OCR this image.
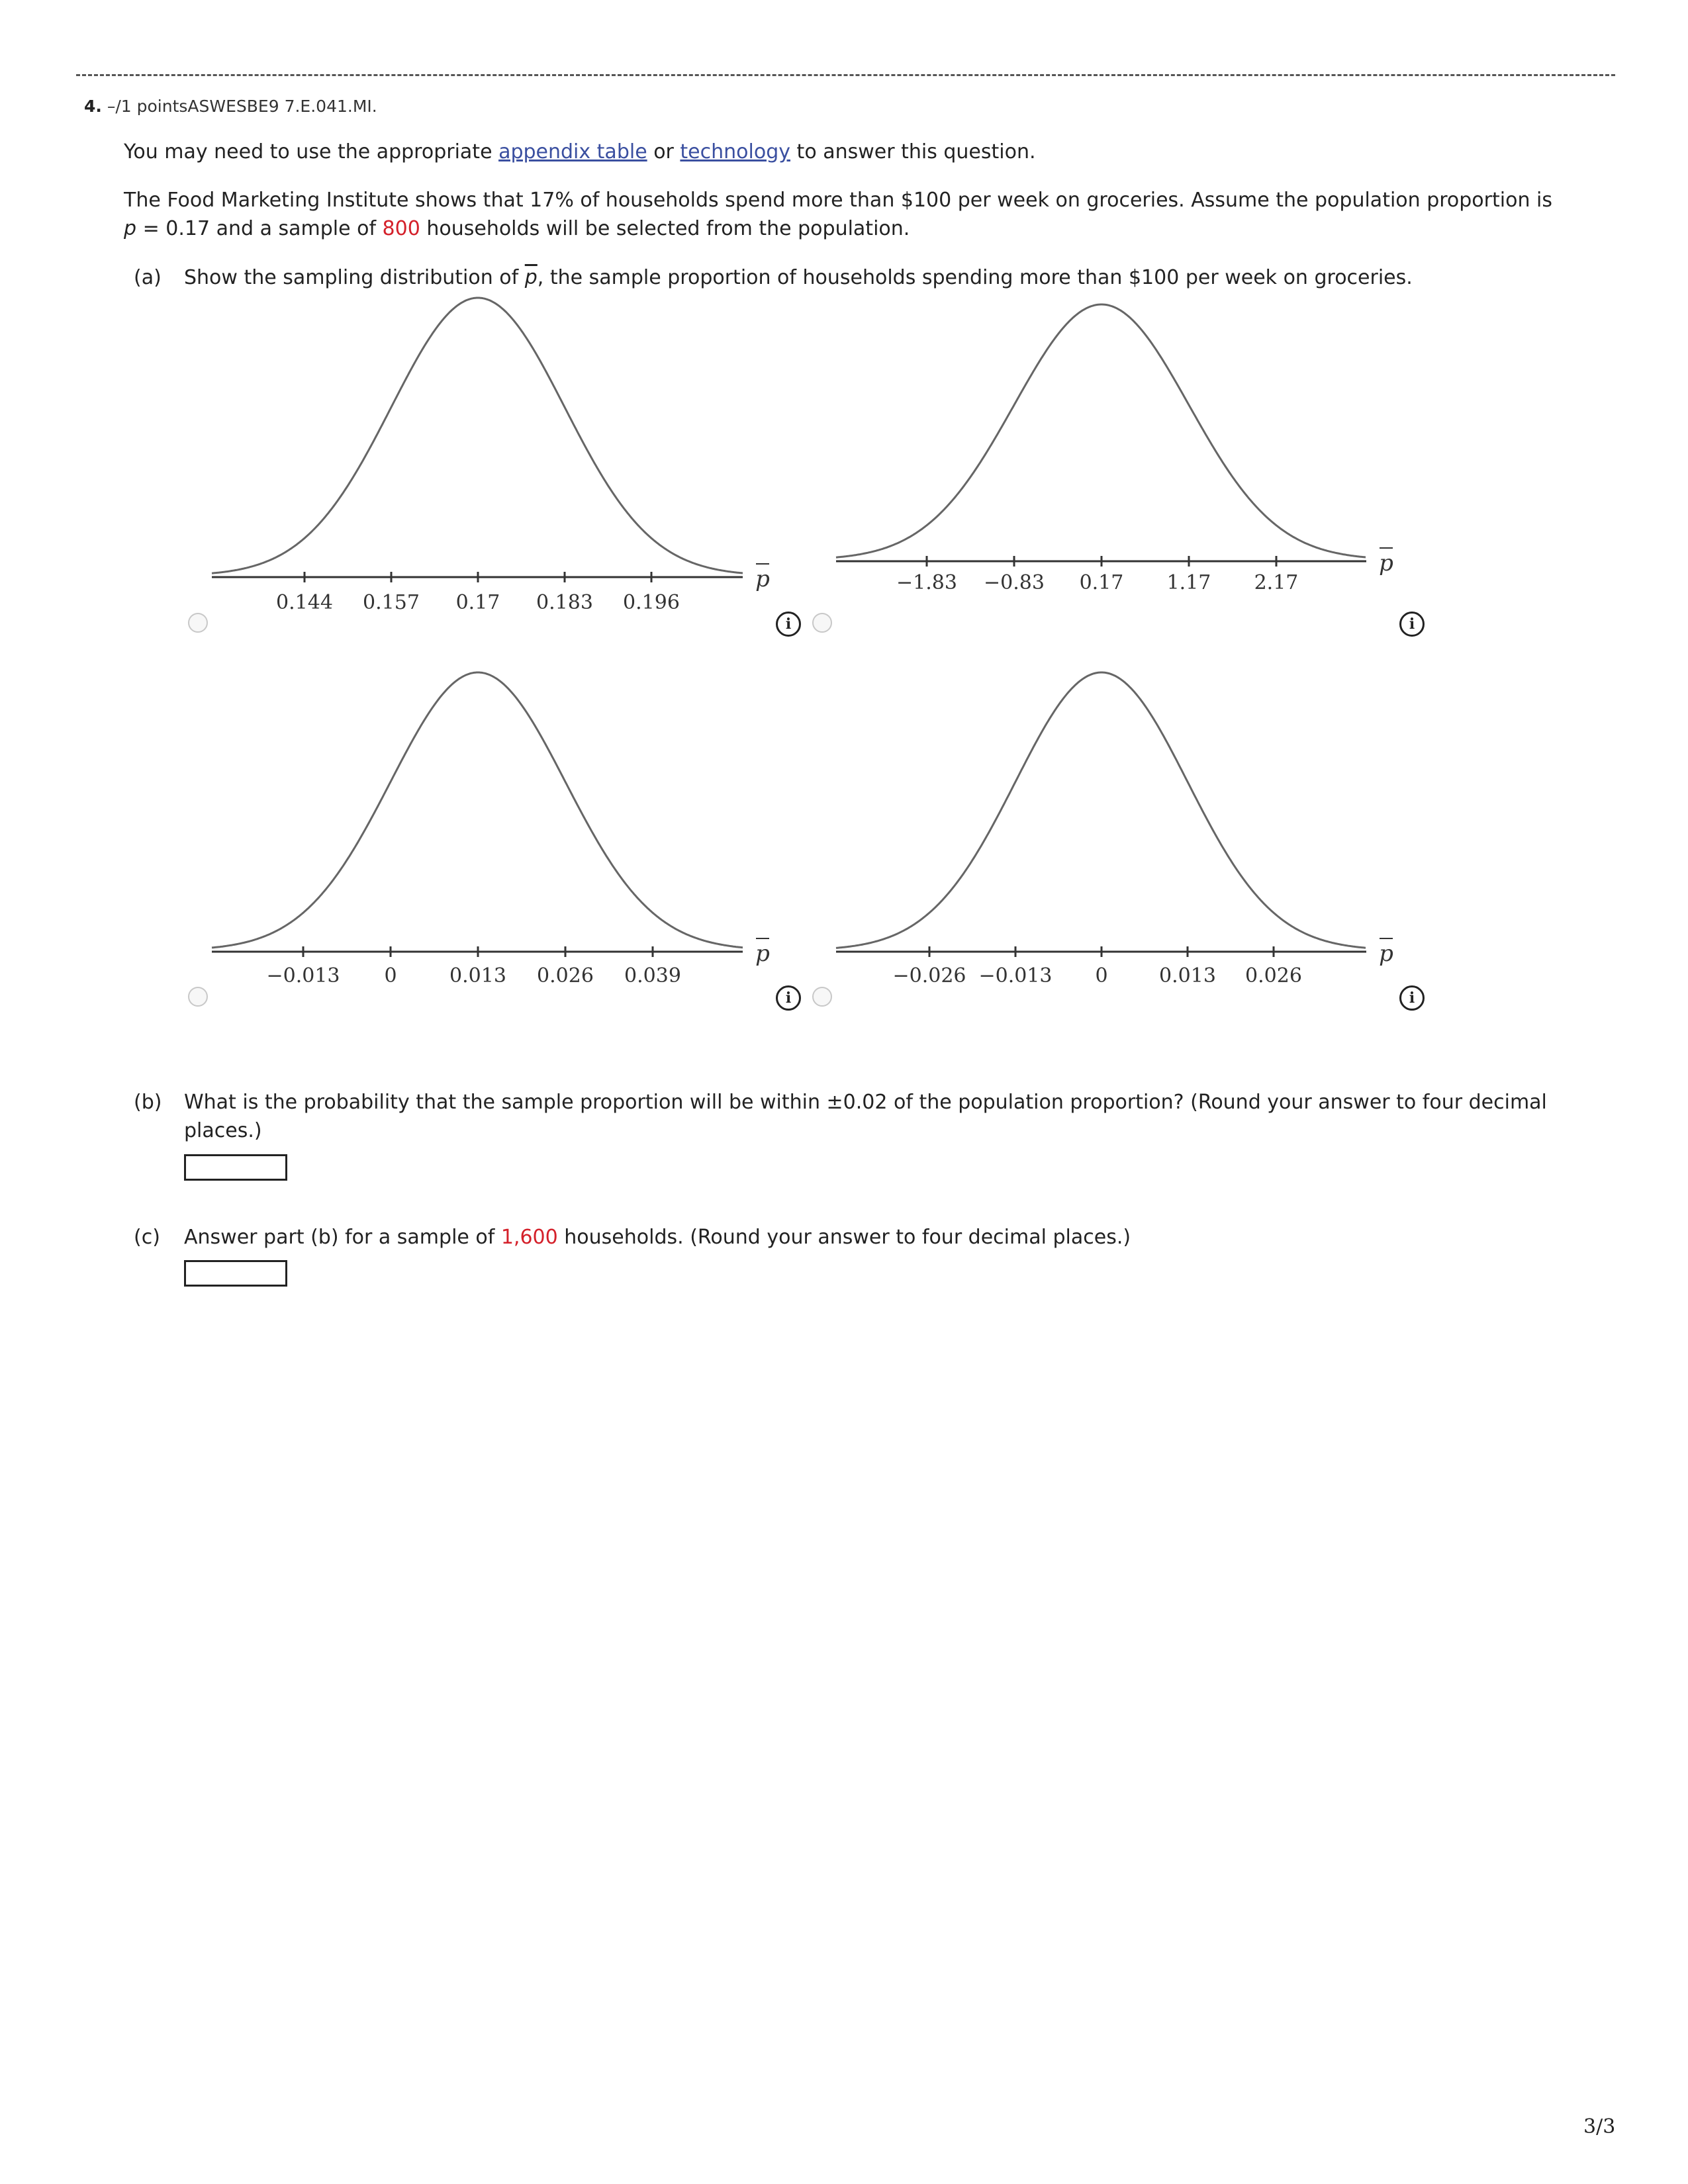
4. –/1 pointsASWESBE9 7.E.041.MI.
You may need to use the appropriate appendix table or technology to answer this question.
The Food Marketing Institute shows that 17% of households spend more than $100 per week on groceries. Assume the population proportion is
p = 0.17 and a sample of 800 households will be selected from the population.
(a) Show the sampling distribution of $\overline{p}$, the sample proportion of households spending more than $100 per week on groceries.
0.144 0.157 0.17 0.183 0.196
p	−1.83 −0.83 0.17 1.17 2.17
p
−0.013 0	0.013 0.026 0.039
p
−0.026 −0.013 0	0.013 0.026
p
i	i
i	i
(b) What is the probability that the sample proportion will be within ±0.02 of the population proportion? (Round your answer to four decimal
places.)
(c) Answer part (b) for a sample of 1,600 households. (Round your answer to four decimal places.)
3/3
